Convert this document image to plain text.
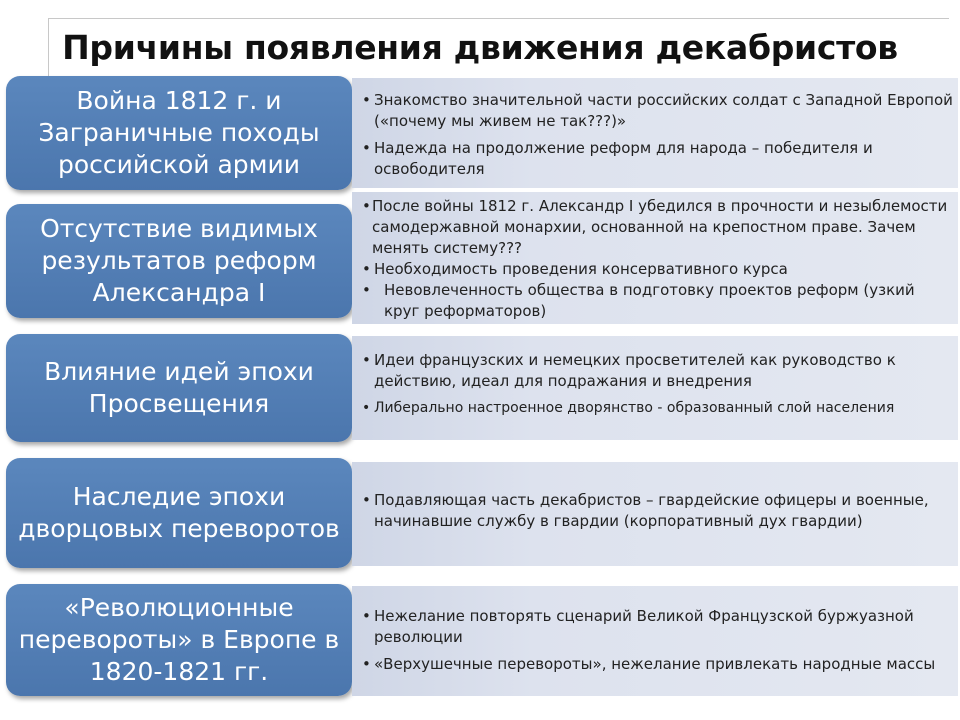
Причины появления движения декабристов
Война 1812 г. и
Заграничные походы
российской армии
• Знакомство значительной части российских солдат с Западной Европой («почему мы живем не так???)»
• Надежда на продолжение реформ для народа – победителя и освободителя
Отсутствие видимых
результатов реформ
Александра I
• После войны 1812 г. Александр I убедился в прочности и незыблемости самодержавной монархии, основанной на крепостном праве. Зачем менять систему???
• Необходимость проведения консервативного курса
• Невовлеченность общества в подготовку проектов реформ (узкий круг реформаторов)
Влияние идей эпохи
Просвещения
• Идеи французских и немецких просветителей как руководство к действию, идеал для подражания и внедрения
• Либерально настроенное дворянство - образованный слой населения
Наследие эпохи
дворцовых переворотов
• Подавляющая часть декабристов – гвардейские офицеры и военные, начинавшие службу в гвардии (корпоративный дух гвардии)
«Революционные
перевороты» в Европе в
1820-1821 гг.
• Нежелание повторять сценарий Великой Французской буржуазной революции
• «Верхушечные перевороты», нежелание привлекать народные массы
